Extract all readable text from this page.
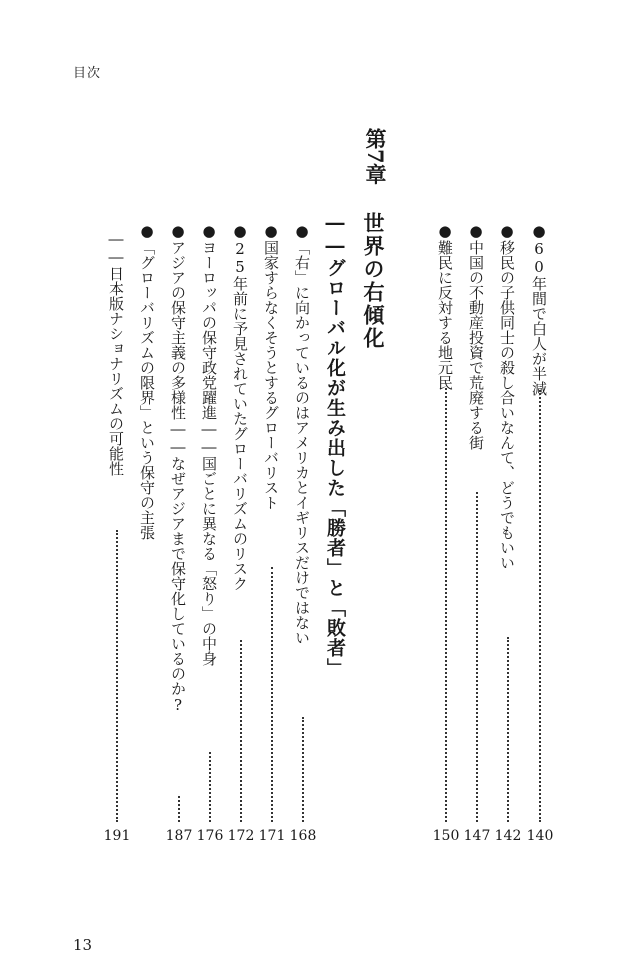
目次
第7章
世界の右傾化
――グローバル化が生み出した「勝者」と「敗者」	●60年間で白人が半減
140
●移民の子供同士の殺し合いなんて、どうでもいい
142
●中国の不動産投資で荒廃する街
147
●難民に反対する地元民
150
●「右」に向かっているのはアメリカとイギリスだけではない
168
●国家すらなくそうとするグローバリスト
171
●25年前に予見されていたグローバリズムのリスク
172
●ヨーロッパの保守政党躍進――国ごとに異なる「怒り」の中身
176
●アジアの保守主義の多様性――なぜアジアまで保守化しているのか?
187
●「グローバリズムの限界」という保守の主張
――日本版ナショナリズムの可能性
191
13
